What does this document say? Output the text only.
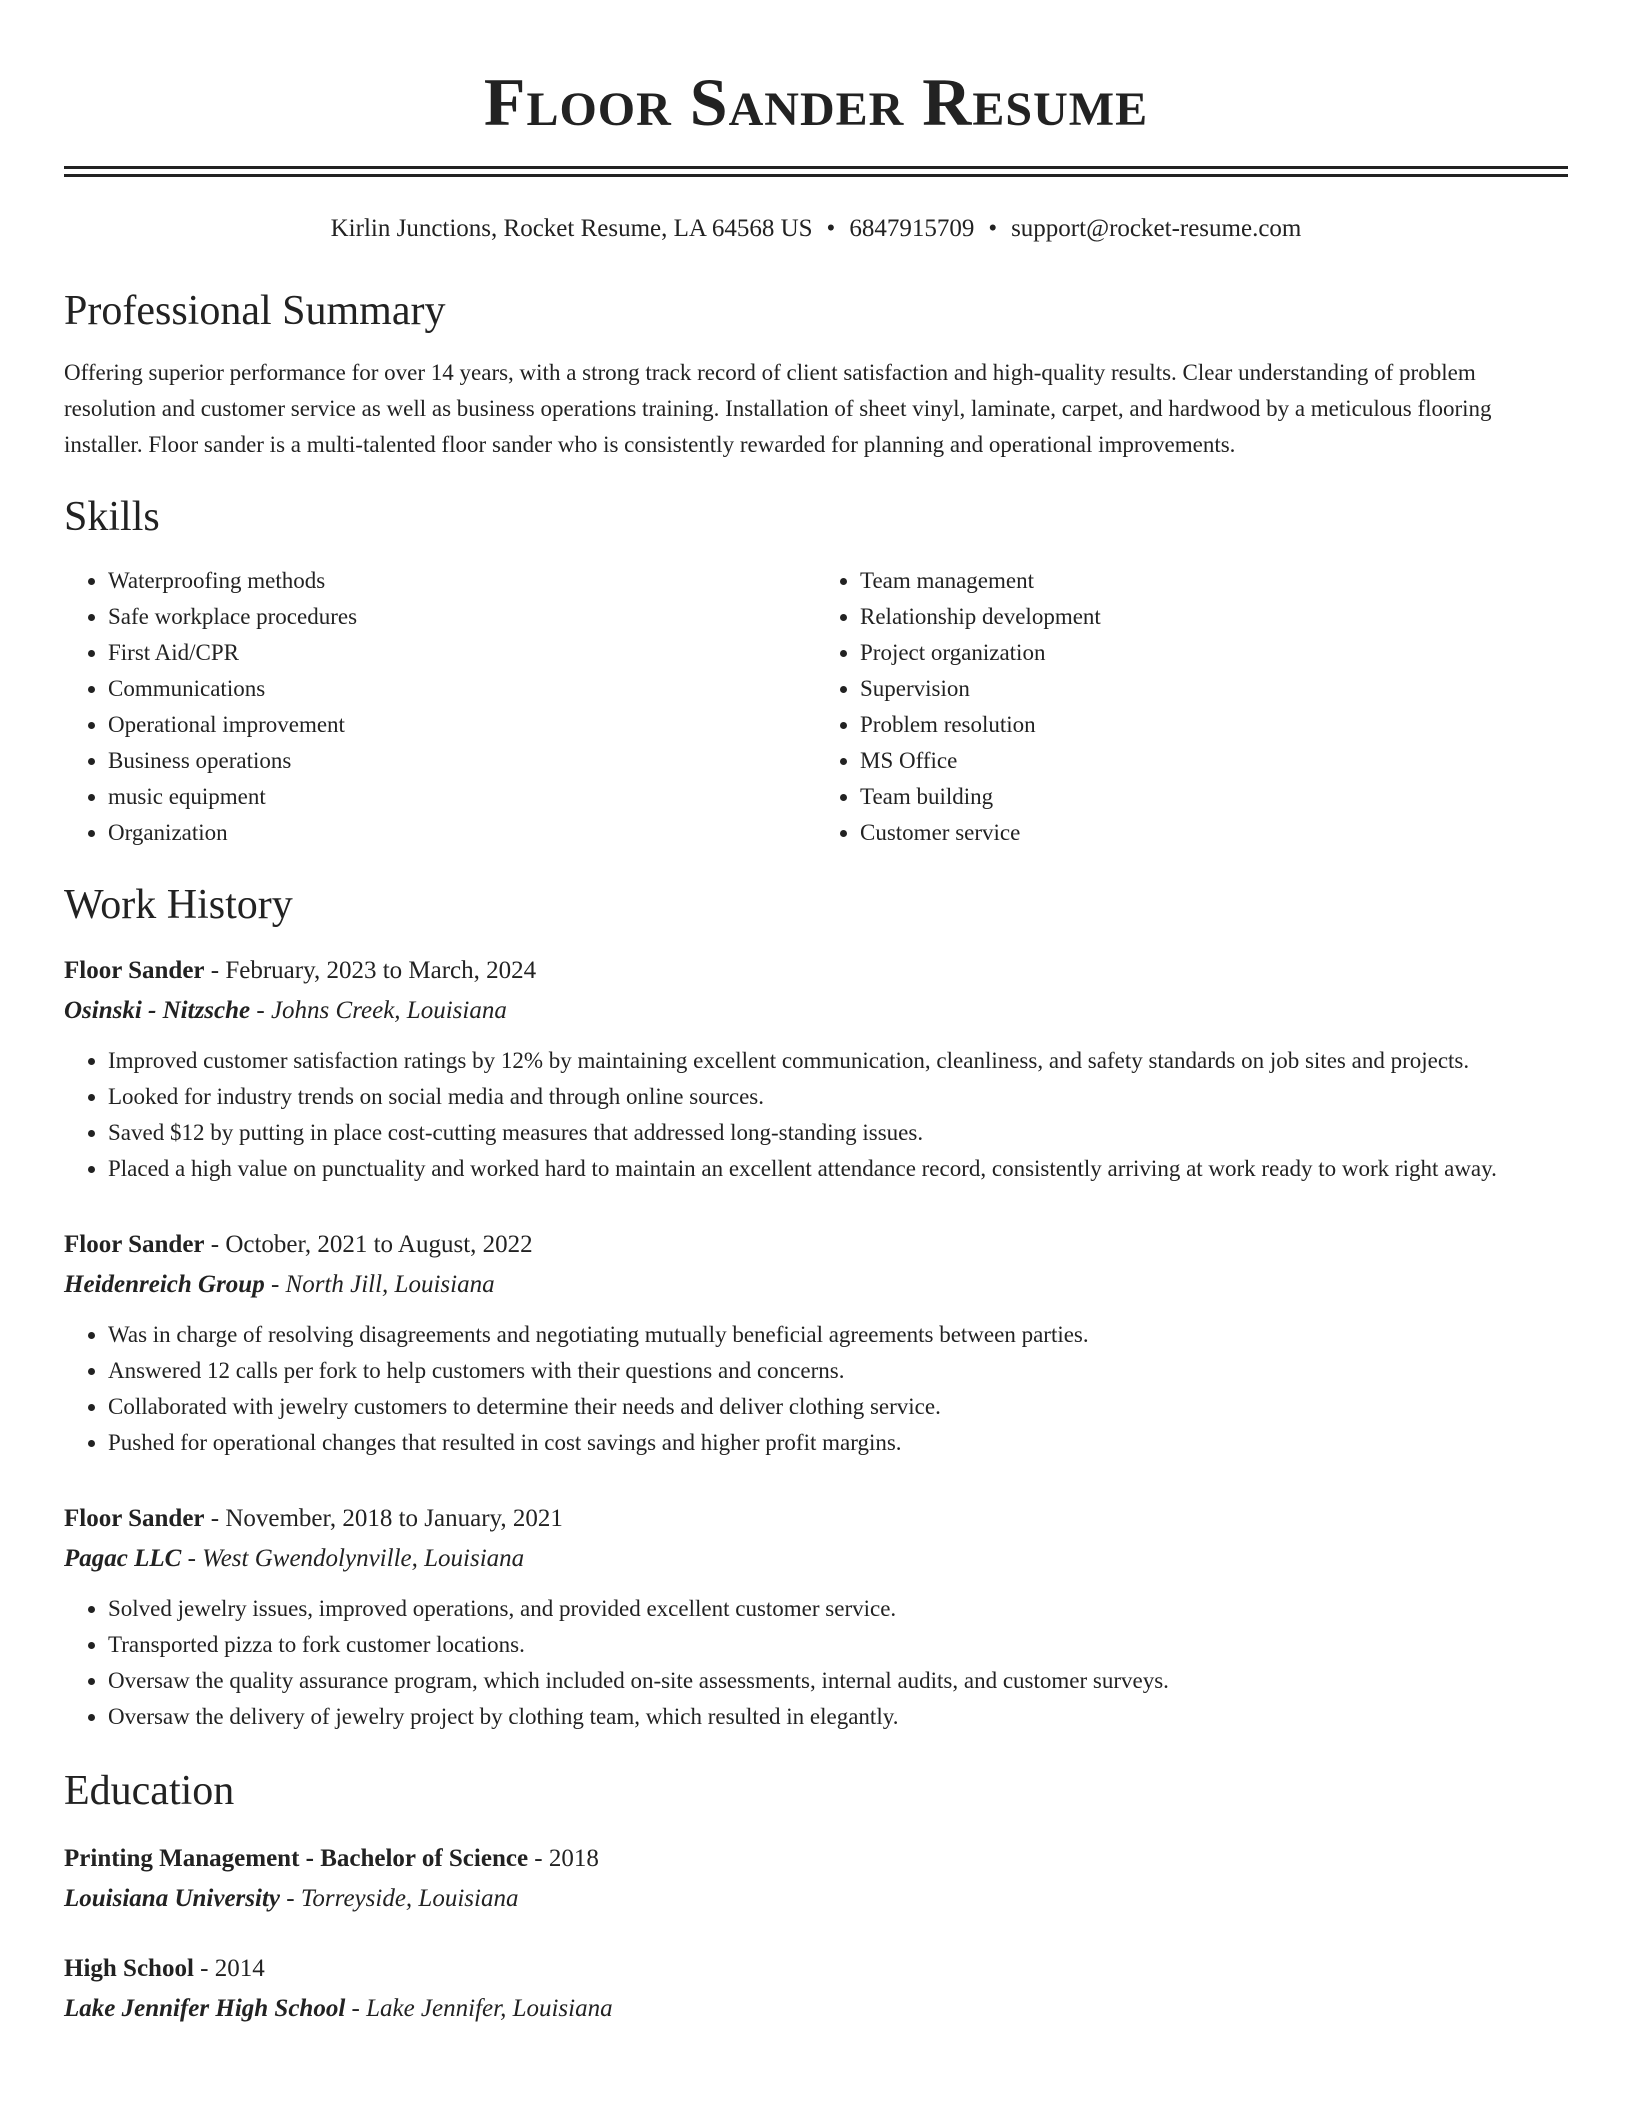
Floor Sander Resume
Kirlin Junctions, Rocket Resume, LA 64568 US • 6847915709 • support@rocket-resume.com
Professional Summary
Offering superior performance for over 14 years, with a strong track record of client satisfaction and high-quality results. Clear understanding of problem resolution and customer service as well as business operations training. Installation of sheet vinyl, laminate, carpet, and hardwood by a meticulous flooring installer. Floor sander is a multi-talented floor sander who is consistently rewarded for planning and operational improvements.
Skills
• Waterproofing methods
• Safe workplace procedures
• First Aid/CPR
• Communications
• Operational improvement
• Business operations
• music equipment
• Organization
• Team management
• Relationship development
• Project organization
• Supervision
• Problem resolution
• MS Office
• Team building
• Customer service
Work History
Floor Sander - February, 2023 to March, 2024
Osinski - Nitzsche - Johns Creek, Louisiana
• Improved customer satisfaction ratings by 12% by maintaining excellent communication, cleanliness, and safety standards on job sites and projects.
• Looked for industry trends on social media and through online sources.
• Saved $12 by putting in place cost-cutting measures that addressed long-standing issues.
• Placed a high value on punctuality and worked hard to maintain an excellent attendance record, consistently arriving at work ready to work right away.
Floor Sander - October, 2021 to August, 2022
Heidenreich Group - North Jill, Louisiana
• Was in charge of resolving disagreements and negotiating mutually beneficial agreements between parties.
• Answered 12 calls per fork to help customers with their questions and concerns.
• Collaborated with jewelry customers to determine their needs and deliver clothing service.
• Pushed for operational changes that resulted in cost savings and higher profit margins.
Floor Sander - November, 2018 to January, 2021
Pagac LLC - West Gwendolynville, Louisiana
• Solved jewelry issues, improved operations, and provided excellent customer service.
• Transported pizza to fork customer locations.
• Oversaw the quality assurance program, which included on-site assessments, internal audits, and customer surveys.
• Oversaw the delivery of jewelry project by clothing team, which resulted in elegantly.
Education
Printing Management - Bachelor of Science - 2018
Louisiana University - Torreyside, Louisiana
High School - 2014
Lake Jennifer High School - Lake Jennifer, Louisiana
